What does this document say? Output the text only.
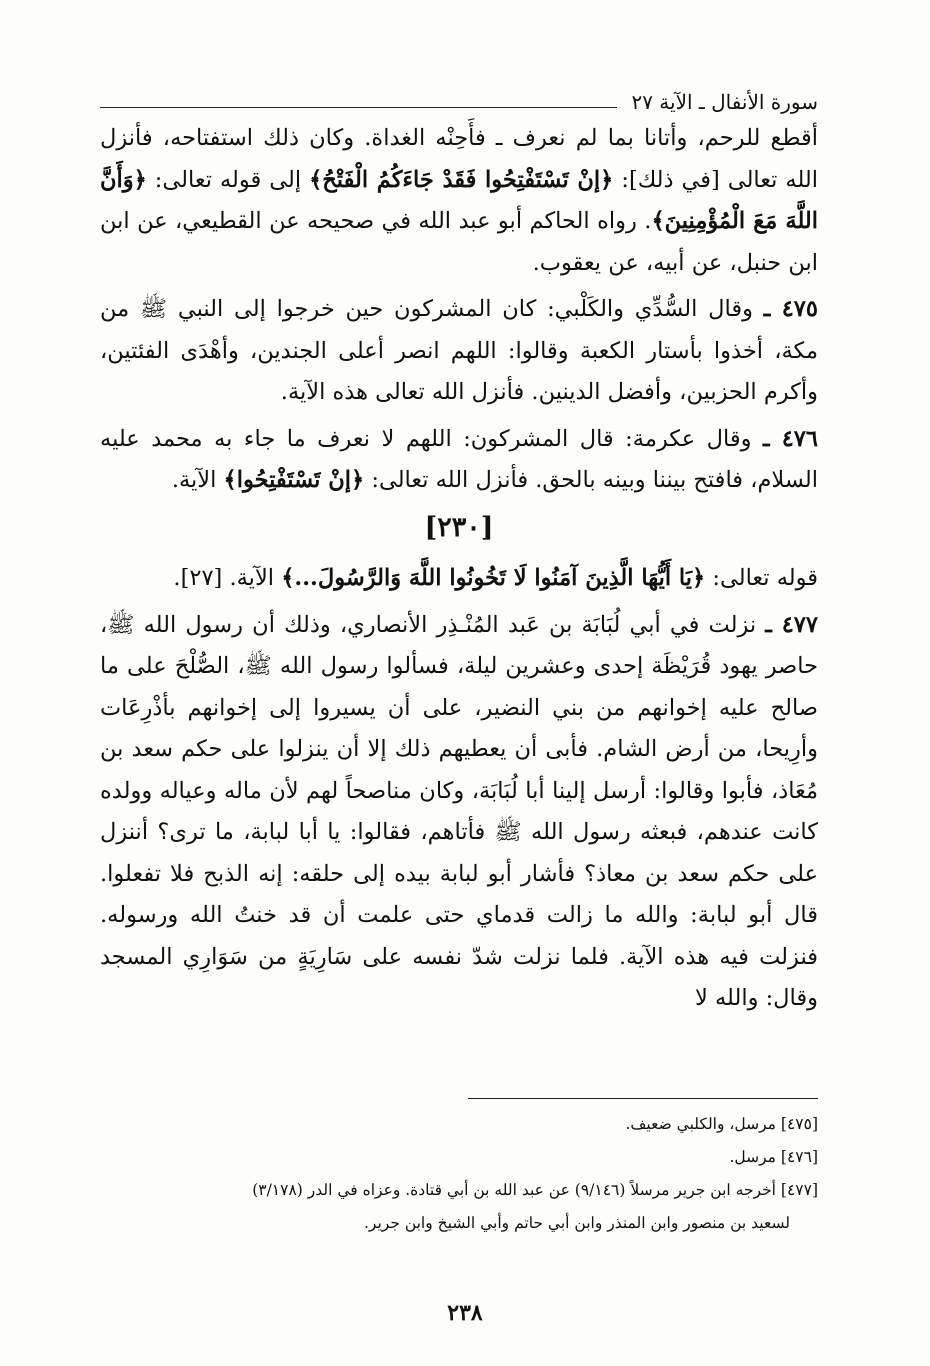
سورة الأنفال ـ الآية ٢٧

أقطع للرحم، وأتانا بما لم نعرف ـ فأَحِنْه الغداة. وكان ذلك استفتاحه، فأنزل الله تعالى [في ذلك]: ﴿إنْ تَسْتَفْتِحُوا فَقَدْ جَاءَكُمُ الْفَتْحُ﴾ إلى قوله تعالى: ﴿وَأَنَّ اللَّهَ مَعَ الْمُؤْمِنِينَ﴾. رواه الحاكم أبو عبد الله في صحيحه عن القطيعي، عن ابن ابن حنبل، عن أبيه، عن يعقوب.

٤٧٥ ـ وقال السُّدِّي والكَلْبي: كان المشركون حين خرجوا إلى النبي ﷺ من مكة، أخذوا بأستار الكعبة وقالوا: اللهم انصر أعلى الجندين، وأهْدَى الفئتين، وأكرم الحزبين، وأفضل الدينين. فأنزل الله تعالى هذه الآية.

٤٧٦ ـ وقال عكرمة: قال المشركون: اللهم لا نعرف ما جاء به محمد عليه السلام، فافتح بيننا وبينه بالحق. فأنزل الله تعالى: ﴿إنْ تَسْتَفْتِحُوا﴾ الآية.

[٢٣٠]

قوله تعالى: ﴿يَا أَيُّهَا الَّذِينَ آمَنُوا لَا تَخُونُوا اللَّهَ وَالرَّسُولَ...﴾ الآية. [٢٧].

٤٧٧ ـ نزلت في أبي لُبَابَة بن عَبد المُنْـذِر الأنصاري، وذلك أن رسول الله ﷺ، حاصر يهود قُرَيْظَة إحدى وعشرين ليلة، فسألوا رسول الله ﷺ، الصُّلْحَ على ما صالح عليه إخوانهم من بني النضير، على أن يسيروا إلى إخوانهم بأذْرِعَات وأرِيحا، من أرض الشام. فأبى أن يعطيهم ذلك إلا أن ينزلوا على حكم سعد بن مُعَاذ، فأبوا وقالوا: أرسل إلينا أبا لُبَابَة، وكان مناصحاً لهم لأن ماله وعياله وولده كانت عندهم، فبعثه رسول الله ﷺ فأتاهم، فقالوا: يا أبا لبابة، ما ترى؟ أننزل على حكم سعد بن معاذ؟ فأشار أبو لبابة بيده إلى حلقه: إنه الذبح فلا تفعلوا. قال أبو لبابة: والله ما زالت قدماي حتى علمت أن قد خنتُ الله ورسوله. فنزلت فيه هذه الآية. فلما نزلت شدّ نفسه على سَارِيَةٍ من سَوَارِي المسجد وقال: والله لا

[٤٧٥] مرسل، والكلبي ضعيف.

[٤٧٦] مرسل.

[٤٧٧] أخرجه ابن جرير مرسلاً (٩/١٤٦) عن عبد الله بن أبي قتادة. وعزاه في الدر (٣/١٧٨)

لسعيد بن منصور وابن المنذر وابن أبي حاتم وأبي الشيخ وابن جرير.

٢٣٨
